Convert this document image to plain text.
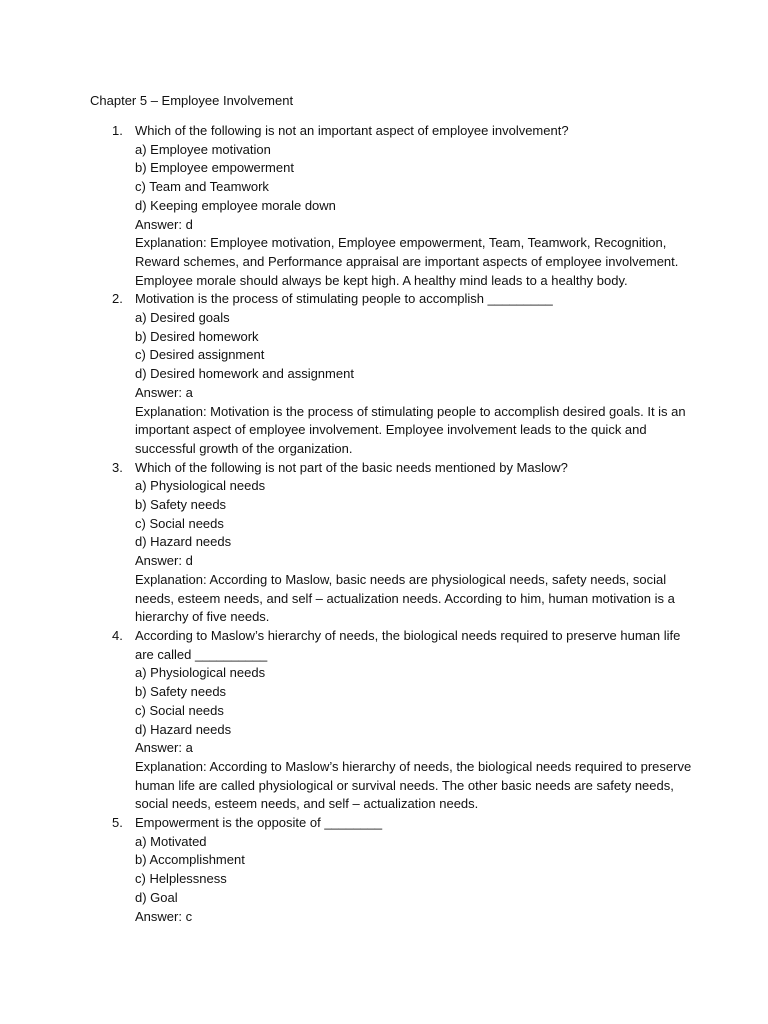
Chapter 5 – Employee Involvement
1. Which of the following is not an important aspect of employee involvement?
a) Employee motivation
b) Employee empowerment
c) Team and Teamwork
d) Keeping employee morale down
Answer: d
Explanation: Employee motivation, Employee empowerment, Team, Teamwork, Recognition,
Reward schemes, and Performance appraisal are important aspects of employee involvement.
Employee morale should always be kept high. A healthy mind leads to a healthy body.
2. Motivation is the process of stimulating people to accomplish _________
a) Desired goals
b) Desired homework
c) Desired assignment
d) Desired homework and assignment
Answer: a
Explanation: Motivation is the process of stimulating people to accomplish desired goals. It is an
important aspect of employee involvement. Employee involvement leads to the quick and
successful growth of the organization.
3. Which of the following is not part of the basic needs mentioned by Maslow?
a) Physiological needs
b) Safety needs
c) Social needs
d) Hazard needs
Answer: d
Explanation: According to Maslow, basic needs are physiological needs, safety needs, social
needs, esteem needs, and self – actualization needs. According to him, human motivation is a
hierarchy of five needs.
4. According to Maslow’s hierarchy of needs, the biological needs required to preserve human life
are called __________
a) Physiological needs
b) Safety needs
c) Social needs
d) Hazard needs
Answer: a
Explanation: According to Maslow’s hierarchy of needs, the biological needs required to preserve
human life are called physiological or survival needs. The other basic needs are safety needs,
social needs, esteem needs, and self – actualization needs.
5. Empowerment is the opposite of ________
a) Motivated
b) Accomplishment
c) Helplessness
d) Goal
Answer: c
